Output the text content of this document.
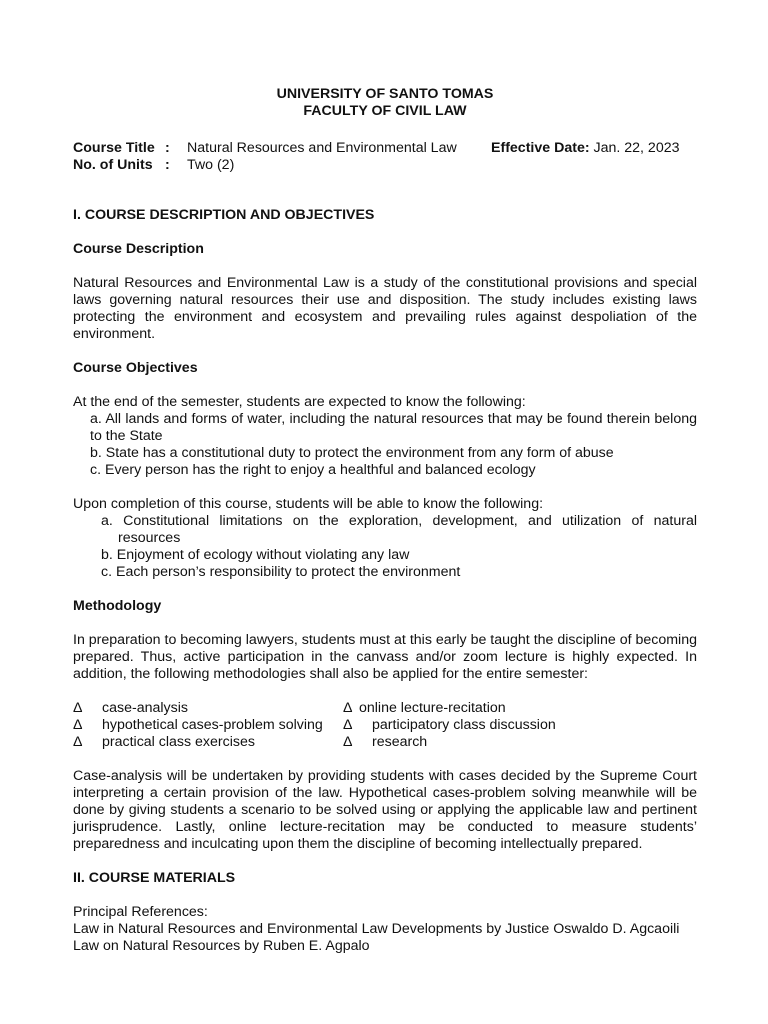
UNIVERSITY OF SANTO TOMAS
FACULTY OF CIVIL LAW
Course Title : Natural Resources and Environmental Law Effective Date: Jan. 22, 2023
No. of Units : Two (2)
I. COURSE DESCRIPTION AND OBJECTIVES
Course Description

Natural Resources and Environmental Law is a study of the constitutional provisions and special laws governing natural resources their use and disposition. The study includes existing laws protecting the environment and ecosystem and prevailing rules against despoliation of the environment.

Course Objectives

At the end of the semester, students are expected to know the following:

a. All lands and forms of water, including the natural resources that may be found therein belong to the State
b. State has a constitutional duty to protect the environment from any form of abuse
c. Every person has the right to enjoy a healthful and balanced ecology

Upon completion of this course, students will be able to know the following:

a. Constitutional limitations on the exploration, development, and utilization of natural resources
b. Enjoyment of ecology without violating any law
c. Each person’s responsibility to protect the environment
Methodology

In preparation to becoming lawyers, students must at this early be taught the discipline of becoming prepared. Thus, active participation in the canvass and/or zoom lecture is highly expected. In addition, the following methodologies shall also be applied for the entire semester:

Δ case-analysis
Δ hypothetical cases-problem solving
Δ practical class exercises
Δ online lecture-recitation
Δ participatory class discussion
Δ research

Case-analysis will be undertaken by providing students with cases decided by the Supreme Court interpreting a certain provision of the law. Hypothetical cases-problem solving meanwhile will be done by giving students a scenario to be solved using or applying the applicable law and pertinent jurisprudence. Lastly, online lecture-recitation may be conducted to measure students’ preparedness and inculcating upon them the discipline of becoming intellectually prepared.

II. COURSE MATERIALS

Principal References:

Law in Natural Resources and Environmental Law Developments by Justice Oswaldo D. Agcaoili

Law on Natural Resources by Ruben E. Agpalo
